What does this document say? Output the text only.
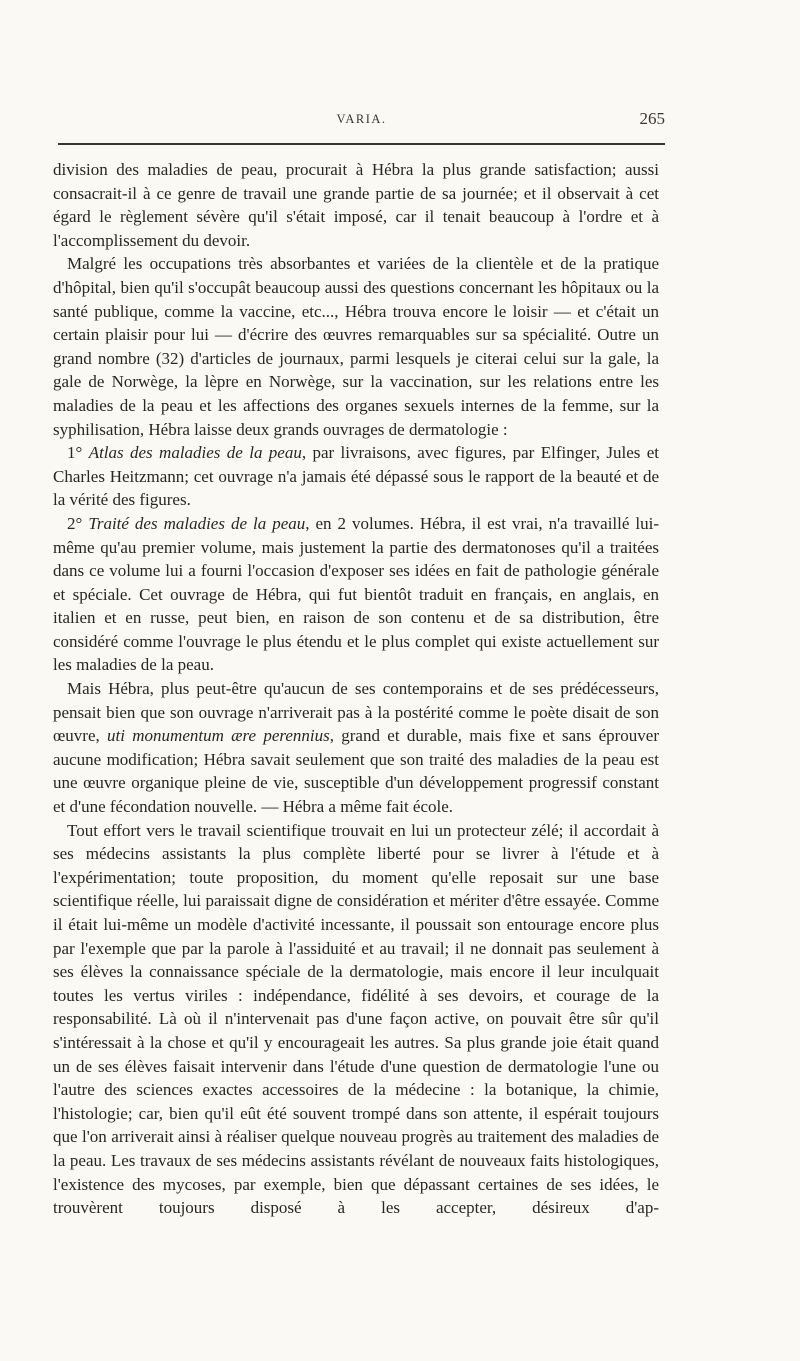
VARIA.	265

division des maladies de peau, procurait à Hébra la plus grande satisfaction; aussi consacrait-il à ce genre de travail une grande partie de sa journée; et il observait à cet égard le règlement sévère qu'il s'était imposé, car il tenait beaucoup à l'ordre et à l'accomplissement du devoir.

Malgré les occupations très absorbantes et variées de la clientèle et de la pratique d'hôpital, bien qu'il s'occupât beaucoup aussi des questions concernant les hôpitaux ou la santé publique, comme la vaccine, etc..., Hébra trouva encore le loisir — et c'était un certain plaisir pour lui — d'écrire des œuvres remarquables sur sa spécialité. Outre un grand nombre (32) d'articles de journaux, parmi lesquels je citerai celui sur la gale, la gale de Norwège, la lèpre en Norwège, sur la vaccination, sur les relations entre les maladies de la peau et les affections des organes sexuels internes de la femme, sur la syphilisation, Hébra laisse deux grands ouvrages de dermatologie :

1° Atlas des maladies de la peau, par livraisons, avec figures, par Elfinger, Jules et Charles Heitzmann; cet ouvrage n'a jamais été dépassé sous le rapport de la beauté et de la vérité des figures.

2° Traité des maladies de la peau, en 2 volumes. Hébra, il est vrai, n'a travaillé lui-même qu'au premier volume, mais justement la partie des dermatonoses qu'il a traitées dans ce volume lui a fourni l'occasion d'exposer ses idées en fait de pathologie générale et spéciale. Cet ouvrage de Hébra, qui fut bientôt traduit en français, en anglais, en italien et en russe, peut bien, en raison de son contenu et de sa distribution, être considéré comme l'ouvrage le plus étendu et le plus complet qui existe actuellement sur les maladies de la peau.

Mais Hébra, plus peut-être qu'aucun de ses contemporains et de ses prédécesseurs, pensait bien que son ouvrage n'arriverait pas à la postérité comme le poète disait de son œuvre, uti monumentum ære perennius, grand et durable, mais fixe et sans éprouver aucune modification; Hébra savait seulement que son traité des maladies de la peau est une œuvre organique pleine de vie, susceptible d'un développement progressif constant et d'une fécondation nouvelle. — Hébra a même fait école.

Tout effort vers le travail scientifique trouvait en lui un protecteur zélé; il accordait à ses médecins assistants la plus complète liberté pour se livrer à l'étude et à l'expérimentation; toute proposition, du moment qu'elle reposait sur une base scientifique réelle, lui paraissait digne de considération et mériter d'être essayée. Comme il était lui-même un modèle d'activité incessante, il poussait son entourage encore plus par l'exemple que par la parole à l'assiduité et au travail; il ne donnait pas seulement à ses élèves la connaissance spéciale de la dermatologie, mais encore il leur inculquait toutes les vertus viriles : indépendance, fidélité à ses devoirs, et courage de la responsabilité. Là où il n'intervenait pas d'une façon active, on pouvait être sûr qu'il s'intéressait à la chose et qu'il y encourageait les autres. Sa plus grande joie était quand un de ses élèves faisait intervenir dans l'étude d'une question de dermatologie l'une ou l'autre des sciences exactes accessoires de la médecine : la botanique, la chimie, l'histologie; car, bien qu'il eût été souvent trompé dans son attente, il espérait toujours que l'on arriverait ainsi à réaliser quelque nouveau progrès au traitement des maladies de la peau. Les travaux de ses médecins assistants révélant de nouveaux faits histologiques, l'existence des mycoses, par exemple, bien que dépassant certaines de ses idées, le trouvèrent toujours disposé à les accepter, désireux d'ap-
